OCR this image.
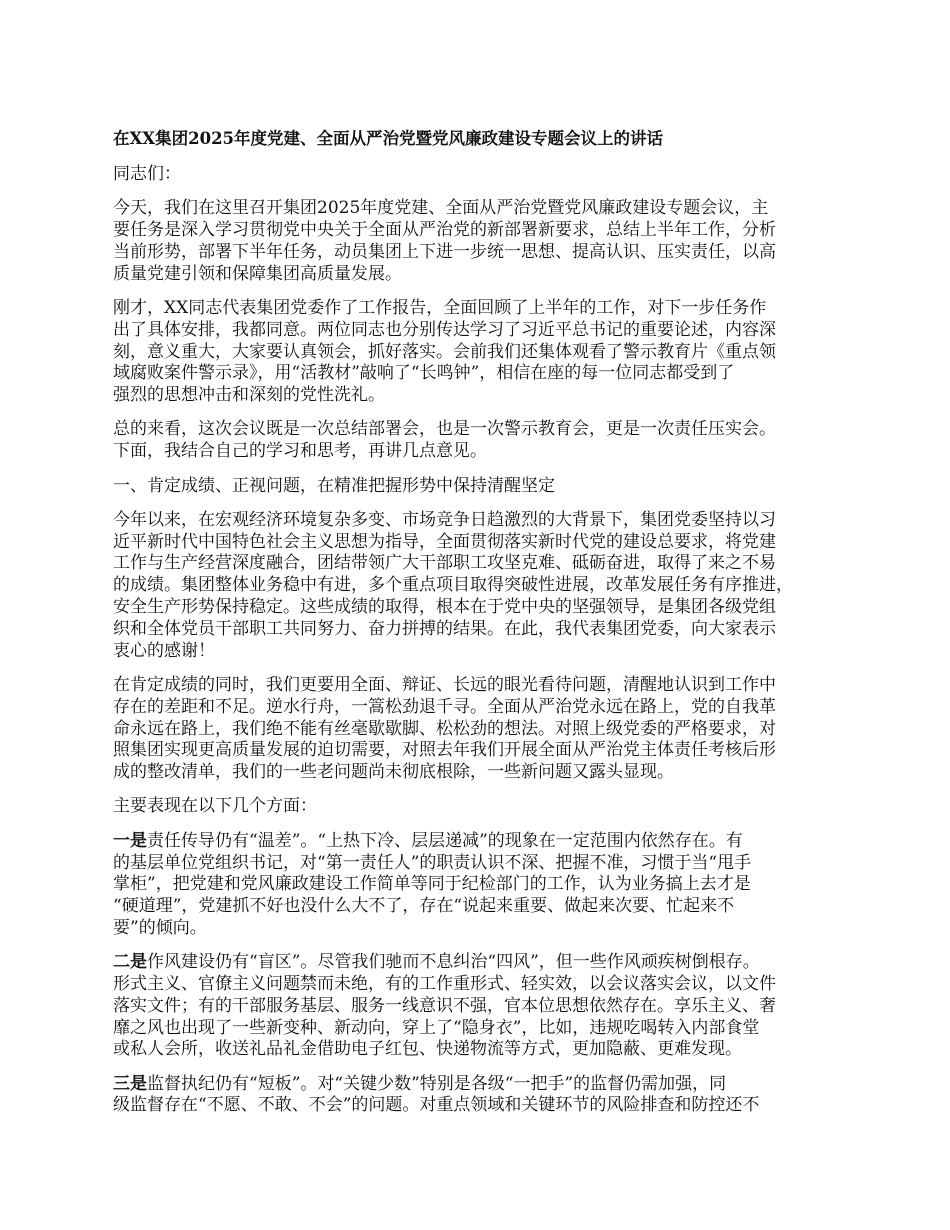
在XX集团2025年度党建、全面从严治党暨党风廉政建设专题会议上的讲话
同志们：
今天，我们在这里召开集团2025年度党建、全面从严治党暨党风廉政建设专题会议，主
要任务是深入学习贯彻党中央关于全面从严治党的新部署新要求，总结上半年工作，分析
当前形势，部署下半年任务，动员集团上下进一步统一思想、提高认识、压实责任，以高
质量党建引领和保障集团高质量发展。
刚才，XX同志代表集团党委作了工作报告，全面回顾了上半年的工作，对下一步任务作
出了具体安排，我都同意。两位同志也分别传达学习了习近平总书记的重要论述，内容深
刻，意义重大，大家要认真领会，抓好落实。会前我们还集体观看了警示教育片《重点领
域腐败案件警示录》，用“活教材”敲响了“长鸣钟”，相信在座的每一位同志都受到了
强烈的思想冲击和深刻的党性洗礼。
总的来看，这次会议既是一次总结部署会，也是一次警示教育会，更是一次责任压实会。
下面，我结合自己的学习和思考，再讲几点意见。
一、肯定成绩、正视问题，在精准把握形势中保持清醒坚定
今年以来，在宏观经济环境复杂多变、市场竞争日趋激烈的大背景下，集团党委坚持以习
近平新时代中国特色社会主义思想为指导，全面贯彻落实新时代党的建设总要求，将党建
工作与生产经营深度融合，团结带领广大干部职工攻坚克难、砥砺奋进，取得了来之不易
的成绩。集团整体业务稳中有进，多个重点项目取得突破性进展，改革发展任务有序推进，
安全生产形势保持稳定。这些成绩的取得，根本在于党中央的坚强领导，是集团各级党组
织和全体党员干部职工共同努力、奋力拼搏的结果。在此，我代表集团党委，向大家表示
衷心的感谢！
在肯定成绩的同时，我们更要用全面、辩证、长远的眼光看待问题，清醒地认识到工作中
存在的差距和不足。逆水行舟，一篙松劲退千寻。全面从严治党永远在路上，党的自我革
命永远在路上，我们绝不能有丝毫歇歇脚、松松劲的想法。对照上级党委的严格要求，对
照集团实现更高质量发展的迫切需要，对照去年我们开展全面从严治党主体责任考核后形
成的整改清单，我们的一些老问题尚未彻底根除，一些新问题又露头显现。
主要表现在以下几个方面：
一是责任传导仍有“温差”。“上热下冷、层层递减”的现象在一定范围内依然存在。有
的基层单位党组织书记，对“第一责任人”的职责认识不深、把握不准，习惯于当“甩手
掌柜”，把党建和党风廉政建设工作简单等同于纪检部门的工作，认为业务搞上去才是
“硬道理”，党建抓不好也没什么大不了，存在“说起来重要、做起来次要、忙起来不
要”的倾向。
二是作风建设仍有“盲区”。尽管我们驰而不息纠治“四风”，但一些作风顽疾树倒根存。
形式主义、官僚主义问题禁而未绝，有的工作重形式、轻实效，以会议落实会议，以文件
落实文件；有的干部服务基层、服务一线意识不强，官本位思想依然存在。享乐主义、奢
靡之风也出现了一些新变种、新动向，穿上了“隐身衣”，比如，违规吃喝转入内部食堂
或私人会所，收送礼品礼金借助电子红包、快递物流等方式，更加隐蔽、更难发现。
三是监督执纪仍有“短板”。对“关键少数”特别是各级“一把手”的监督仍需加强，同
级监督存在“不愿、不敢、不会”的问题。对重点领域和关键环节的风险排查和防控还不
